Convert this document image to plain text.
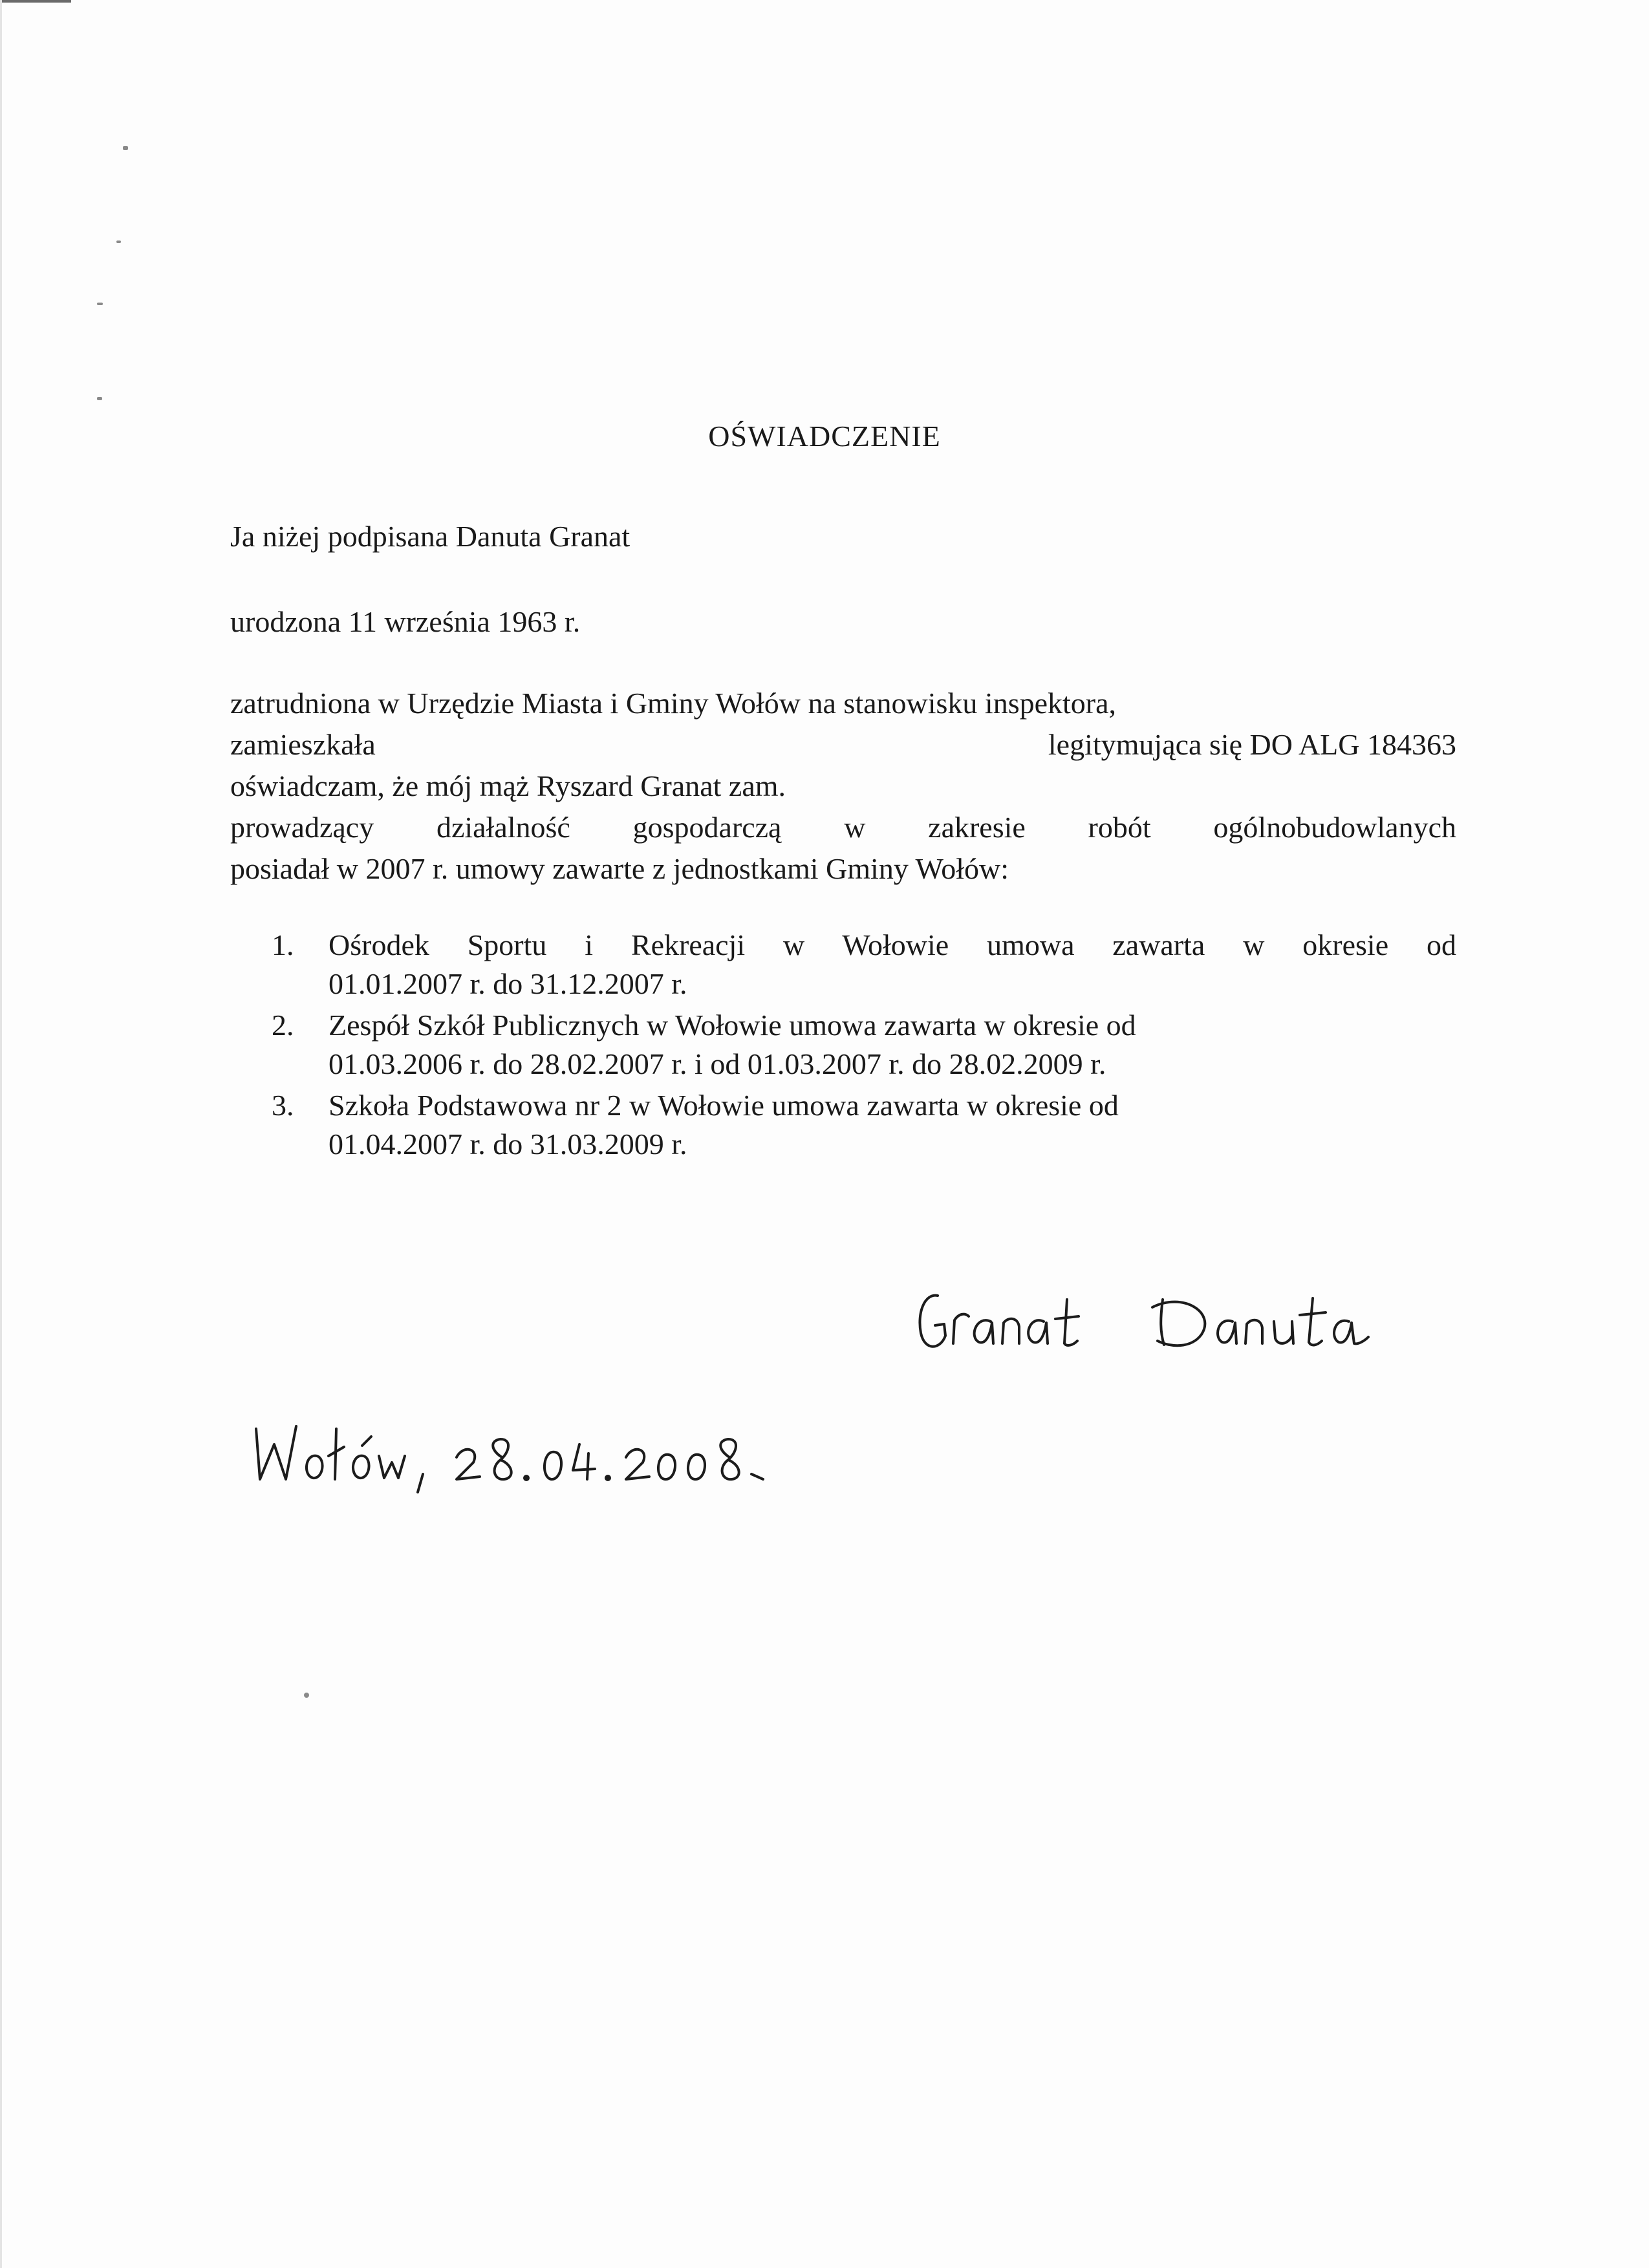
OŚWIADCZENIE
Ja niżej podpisana Danuta Granat
urodzona 11 września 1963 r.
zatrudniona w Urzędzie Miasta i Gminy Wołów na stanowisku inspektora,
zamieszkała	legitymująca się DO ALG 184363
oświadczam, że mój mąż Ryszard Granat zam.
prowadzący działalność gospodarczą w zakresie robót ogólnobudowlanych
posiadał w 2007 r. umowy zawarte z jednostkami Gminy Wołów:
1. Ośrodek Sportu i Rekreacji w Wołowie umowa zawarta w okresie od
01.01.2007 r. do 31.12.2007 r.
2. Zespół Szkół Publicznych w Wołowie umowa zawarta w okresie od
01.03.2006 r. do 28.02.2007 r. i od 01.03.2007 r. do 28.02.2009 r.
3. Szkoła Podstawowa nr 2 w Wołowie umowa zawarta w okresie od
01.04.2007 r. do 31.03.2009 r.
